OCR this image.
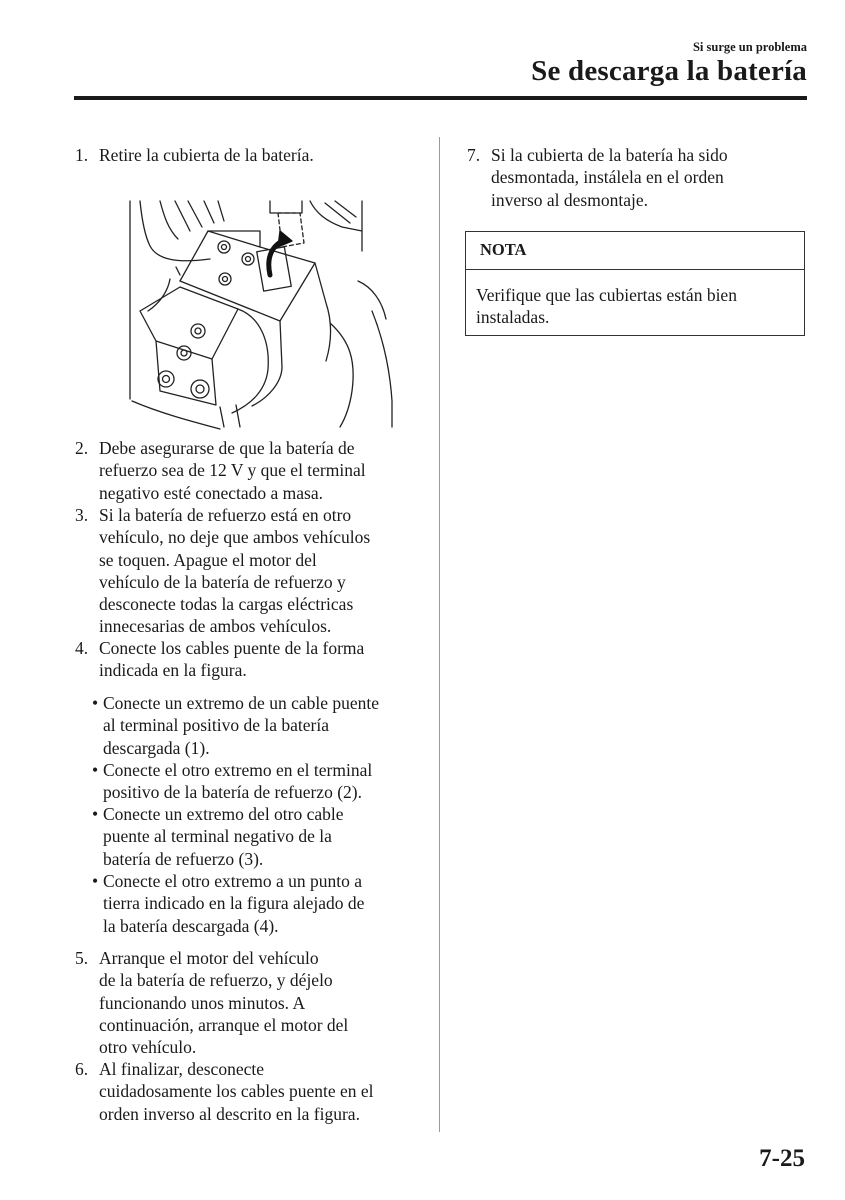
Si surge un problema
Se descarga la batería
1. Retire la cubierta de la batería.
2. Debe asegurarse de que la batería de
refuerzo sea de 12 V y que el terminal
negativo esté conectado a masa.
3. Si la batería de refuerzo está en otro
vehículo, no deje que ambos vehículos
se toquen. Apague el motor del
vehículo de la batería de refuerzo y
desconecte todas la cargas eléctricas
innecesarias de ambos vehículos.
4. Conecte los cables puente de la forma
indicada en la figura.
• Conecte un extremo de un cable puente
al terminal positivo de la batería
descargada (1).
• Conecte el otro extremo en el terminal
positivo de la batería de refuerzo (2).
• Conecte un extremo del otro cable
puente al terminal negativo de la
batería de refuerzo (3).
• Conecte el otro extremo a un punto a
tierra indicado en la figura alejado de
la batería descargada (4).
5. Arranque el motor del vehículo
de la batería de refuerzo, y déjelo
funcionando unos minutos. A
continuación, arranque el motor del
otro vehículo.
6. Al finalizar, desconecte
cuidadosamente los cables puente en el
orden inverso al descrito en la figura.
7. Si la cubierta de la batería ha sido
desmontada, instálela en el orden
inverso al desmontaje.
NOTA
Verifique que las cubiertas están bien
instaladas.
7-25
